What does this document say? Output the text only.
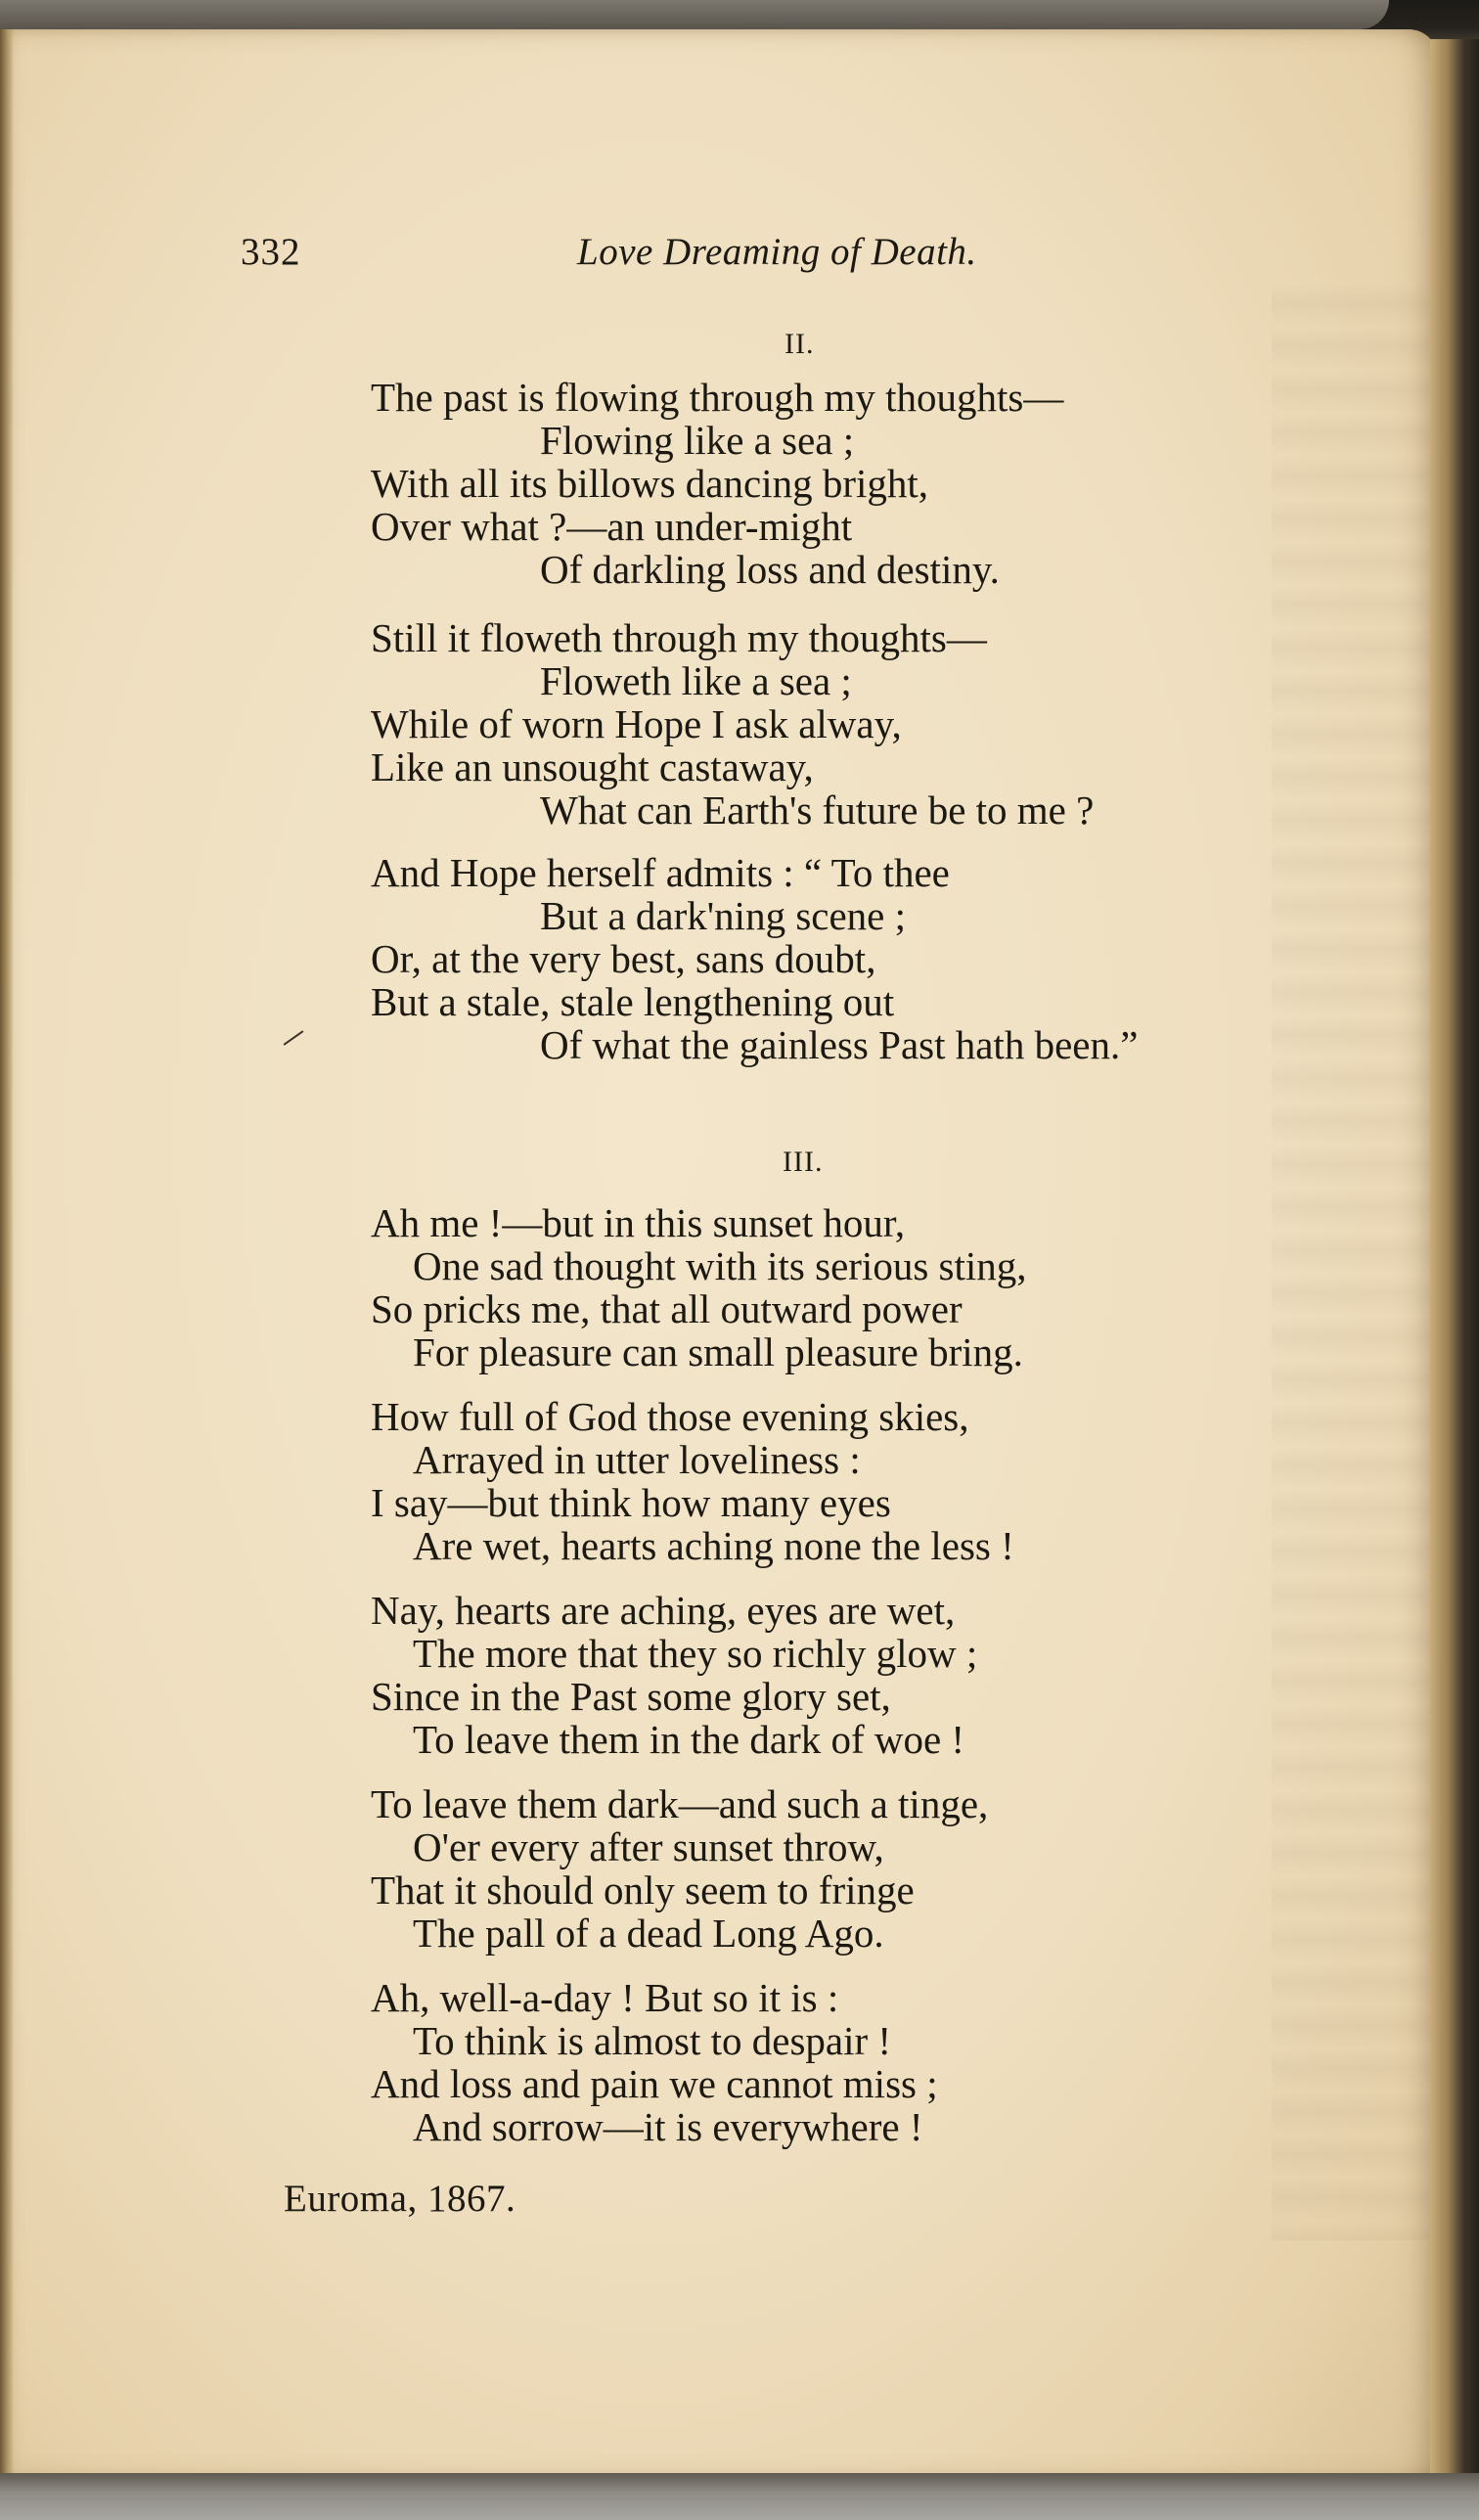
332	Love Dreaming of Death.
II.
The past is flowing through my thoughts—
Flowing like a sea ;
With all its billows dancing bright,
Over what ?—an under-might
Of darkling loss and destiny.
Still it floweth through my thoughts—
Floweth like a sea ;
While of worn Hope I ask alway,
Like an unsought castaway,
What can Earth's future be to me ?
And Hope herself admits : “ To thee
But a dark'ning scene ;
Or, at the very best, sans doubt,
But a stale, stale lengthening out
Of what the gainless Past hath been.”
III.
Ah me !—but in this sunset hour,
One sad thought with its serious sting,
So pricks me, that all outward power
For pleasure can small pleasure bring.
How full of God those evening skies,
Arrayed in utter loveliness :
I say—but think how many eyes
Are wet, hearts aching none the less !
Nay, hearts are aching, eyes are wet,
The more that they so richly glow ;
Since in the Past some glory set,
To leave them in the dark of woe !
To leave them dark—and such a tinge,
O'er every after sunset throw,
That it should only seem to fringe
The pall of a dead Long Ago.
Ah, well-a-day ! But so it is :
To think is almost to despair !
And loss and pain we cannot miss ;
And sorrow—it is everywhere !
Euroma, 1867.
